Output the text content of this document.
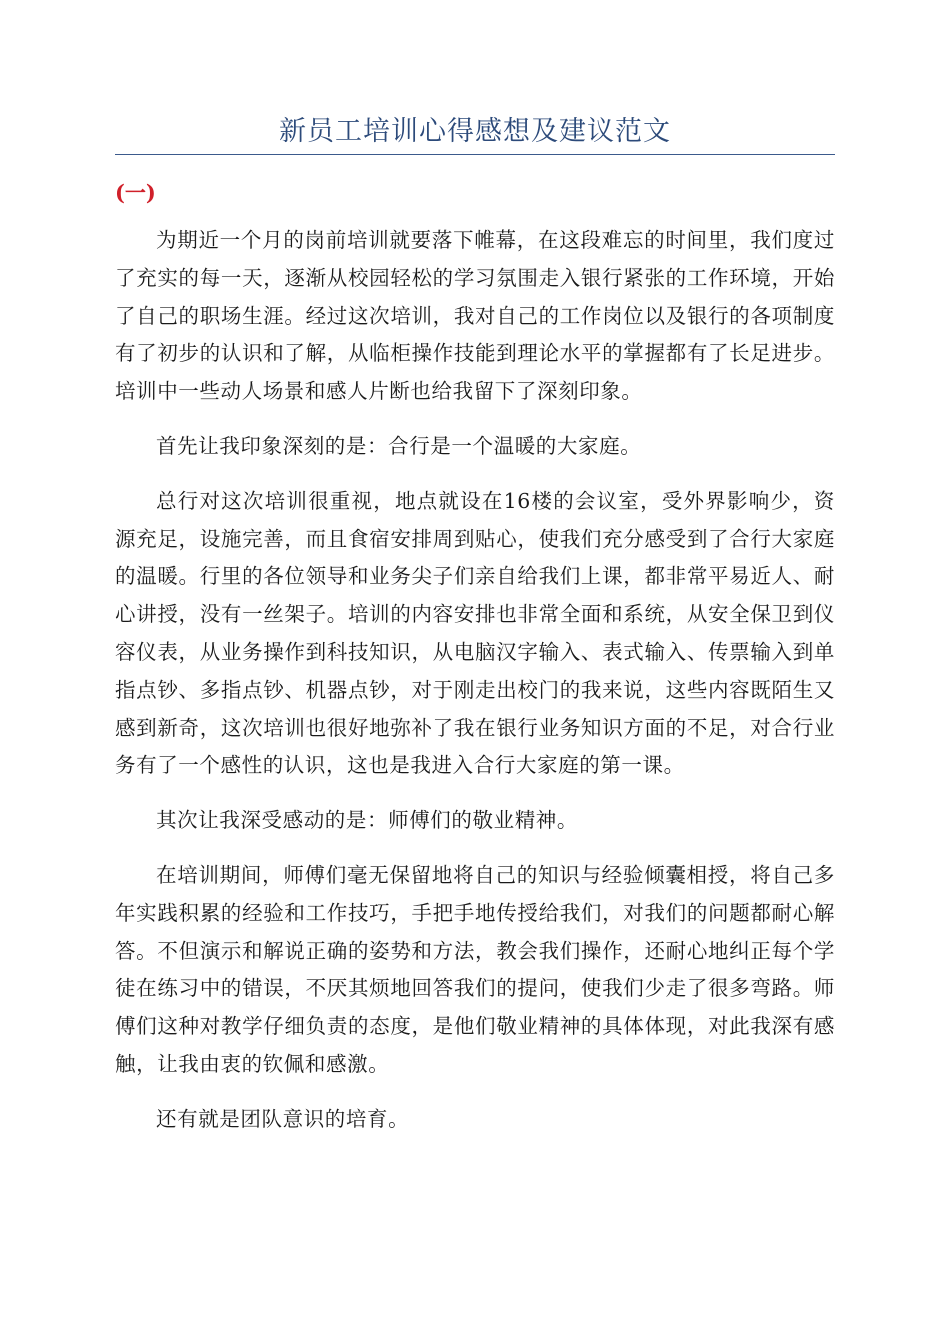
新员工培训心得感想及建议范文
(一)

为期近一个月的岗前培训就要落下帷幕，在这段难忘的时间里，我们度过了充实的每一天，逐渐从校园轻松的学习氛围走入银行紧张的工作环境，开始了自己的职场生涯。经过这次培训，我对自己的工作岗位以及银行的各项制度有了初步的认识和了解，从临柜操作技能到理论水平的掌握都有了长足进步。培训中一些动人场景和感人片断也给我留下了深刻印象。

首先让我印象深刻的是：合行是一个温暖的大家庭。

总行对这次培训很重视，地点就设在16楼的会议室，受外界影响少，资源充足，设施完善，而且食宿安排周到贴心，使我们充分感受到了合行大家庭的温暖。行里的各位领导和业务尖子们亲自给我们上课，都非常平易近人、耐心讲授，没有一丝架子。培训的内容安排也非常全面和系统，从安全保卫到仪容仪表，从业务操作到科技知识，从电脑汉字输入、表式输入、传票输入到单指点钞、多指点钞、机器点钞，对于刚走出校门的我来说，这些内容既陌生又感到新奇，这次培训也很好地弥补了我在银行业务知识方面的不足，对合行业务有了一个感性的认识，这也是我进入合行大家庭的第一课。

其次让我深受感动的是：师傅们的敬业精神。

在培训期间，师傅们毫无保留地将自己的知识与经验倾囊相授，将自己多年实践积累的经验和工作技巧，手把手地传授给我们，对我们的问题都耐心解答。不但演示和解说正确的姿势和方法，教会我们操作，还耐心地纠正每个学徒在练习中的错误，不厌其烦地回答我们的提问，使我们少走了很多弯路。师傅们这种对教学仔细负责的态度，是他们敬业精神的具体体现，对此我深有感触，让我由衷的钦佩和感激。

还有就是团队意识的培育。
